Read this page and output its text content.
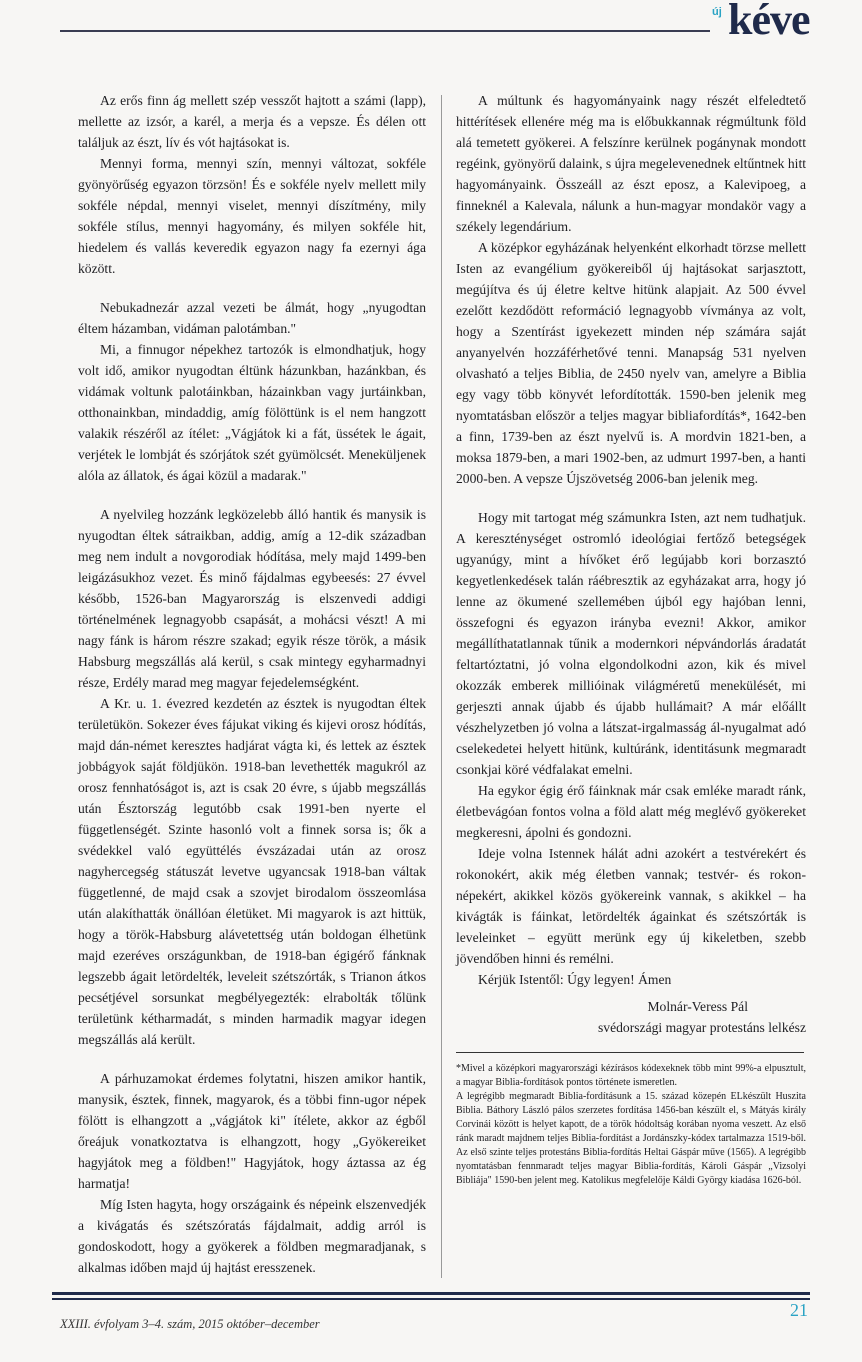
új kéve

Az erős finn ág mellett szép vesszőt hajtott a számi (lapp), mellette az izsór, a karél, a merja és a vepsze. És délen ott találjuk az észt, lív és vót hajtásokat is.

Mennyi forma, mennyi szín, mennyi változat, sokféle gyönyörűség egyazon törzsön! És e sokféle nyelv mellett mily sokféle népdal, mennyi viselet, mennyi díszítmény, mily sokféle stílus, mennyi hagyomány, és milyen sokféle hit, hiedelem és vallás keveredik egyazon nagy fa ezernyi ága között.

Nebukadnezár azzal vezeti be álmát, hogy „nyugodtan éltem házamban, vidáman palotámban."

Mi, a finnugor népekhez tartozók is elmondhatjuk, hogy volt idő, amikor nyugodtan éltünk házunkban, hazánkban, és vidámak voltunk palotáinkban, házainkban vagy jurtáinkban, otthonainkban, mindaddig, amíg fölöttünk is el nem hangzott valakik részéről az ítélet: „Vágjátok ki a fát, üssétek le ágait, verjétek le lombját és szórjátok szét gyümölcsét. Meneküljenek alóla az állatok, és ágai közül a madarak."

A nyelvileg hozzánk legközelebb álló hantik és manysik is nyugodtan éltek sátraikban, addig, amíg a 12-dik században meg nem indult a novgorodiak hódítása, mely majd 1499-ben leigázásukhoz vezet. És minő fájdalmas egybeesés: 27 évvel később, 1526-ban Magyarország is elszenvedi addigi történelmének legnagyobb csapását, a mohácsi vészt! A mi nagy fánk is három részre szakad; egyik része török, a másik Habsburg megszállás alá kerül, s csak mintegy egyharmadnyi része, Erdély marad meg magyar fejedelemségként.

A Kr. u. 1. évezred kezdetén az észtek is nyugodtan éltek területükön. Sokezer éves fájukat viking és kijevi orosz hódítás, majd dán-német keresztes hadjárat vágta ki, és lettek az észtek jobbágyok saját földjükön. 1918-ban levethették magukról az orosz fennhatóságot is, azt is csak 20 évre, s újabb megszállás után Észtország legutóbb csak 1991-ben nyerte el függetlenségét. Szinte hasonló volt a finnek sorsa is; ők a svédekkel való együttélés évszázadai után az orosz nagyhercegség státuszát levetve ugyancsak 1918-ban váltak függetlenné, de majd csak a szovjet birodalom összeomlása után alakíthatták önállóan életüket. Mi magyarok is azt hittük, hogy a török-Habsburg alávetettség után boldogan élhetünk majd ezeréves országunkban, de 1918-ban égigérő fánknak legszebb ágait letördelték, leveleit szétszórták, s Trianon átkos pecsétjével sorsunkat megbélyegezték: elrabolták tőlünk területünk kétharmadát, s minden harmadik magyar idegen megszállás alá került.

A párhuzamokat érdemes folytatni, hiszen amikor hantik, manysik, észtek, finnek, magyarok, és a többi finn-ugor népek fölött is elhangzott a „vágjátok ki" ítélete, akkor az égből őreájuk vonatkoztatva is elhangzott, hogy „Gyökereiket hagyjátok meg a földben!" Hagyjátok, hogy áztassa az ég harmatja!

Míg Isten hagyta, hogy országaink és népeink elszenvedjék a kivágatás és szétszóratás fájdalmait, addig arról is gondoskodott, hogy a gyökerek a földben megmaradjanak, s alkalmas időben majd új hajtást eresszenek.

A múltunk és hagyományaink nagy részét elfeledtető hittérítések ellenére még ma is előbukkannak régmúltunk föld alá temetett gyökerei. A felszínre kerülnek pogánynak mondott regéink, gyönyörű dalaink, s újra megelevenednek eltűntnek hitt hagyományaink. Összeáll az észt eposz, a Kalevipoeg, a finneknél a Kalevala, nálunk a hun-magyar mondakör vagy a székely legendárium.

A középkor egyházának helyenként elkorhadt törzse mellett Isten az evangélium gyökereiből új hajtásokat sarjasztott, megújítva és új életre keltve hitünk alapjait. Az 500 évvel ezelőtt kezdődött reformáció legnagyobb vívmánya az volt, hogy a Szentírást igyekezett minden nép számára saját anyanyelvén hozzáférhetővé tenni. Manapság 531 nyelven olvasható a teljes Biblia, de 2450 nyelv van, amelyre a Biblia egy vagy több könyvét lefordították. 1590-ben jelenik meg nyomtatásban először a teljes magyar bibliafordítás*, 1642-ben a finn, 1739-ben az észt nyelvű is. A mordvin 1821-ben, a moksa 1879-ben, a mari 1902-ben, az udmurt 1997-ben, a hanti 2000-ben. A vepsze Újszövetség 2006-ban jelenik meg.

Hogy mit tartogat még számunkra Isten, azt nem tudhatjuk. A kereszténységet ostromló ideológiai fertőző betegségek ugyanúgy, mint a hívőket érő legújabb kori borzasztó kegyetlenkedések talán ráébresztik az egyházakat arra, hogy jó lenne az ökumené szellemében újból egy hajóban lenni, összefogni és egyazon irányba evezni! Akkor, amikor megállíthatatlannak tűnik a modernkori népvándorlás áradatát feltartóztatni, jó volna elgondolkodni azon, kik és mivel okozzák emberek millióinak világméretű menekülését, mi gerjeszti annak újabb és újabb hullámait? A már előállt vészhelyzetben jó volna a látszat-irgalmasság ál-nyugalmat adó cselekedetei helyett hitünk, kultúránk, identitásunk megmaradt csonkjai köré védfalakat emelni.

Ha egykor égig érő fáinknak már csak emléke maradt ránk, életbevágóan fontos volna a föld alatt még meglévő gyökereket megkeresni, ápolni és gondozni.

Ideje volna Istennek hálát adni azokért a testvérekért és rokonokért, akik még életben vannak; testvér- és rokon-népekért, akikkel közös gyökereink vannak, s akikkel – ha kivágták is fáinkat, letördelték ágainkat és szétszórták is leveleinket – együtt merünk egy új kikeletben, szebb jövendőben hinni és remélni.

Kérjük Istentől: Úgy legyen! Ámen

Molnár-Veress Pál

svédországi magyar protestáns lelkész

*Mivel a középkori magyarországi kézírásos kódexeknek több mint 99%-a elpusztult, a magyar Biblia-fordítások pontos története ismeretlen.

A legrégibb megmaradt Biblia-fordításunk a 15. század közepén ELkészült Huszita Biblia. Báthory László pálos szerzetes fordítása 1456-ban készült el, s Mátyás király Corvinái között is helyet kapott, de a török hódoltság korában nyoma veszett. Az első ránk maradt majdnem teljes Biblia-fordítást a Jordánszky-kódex tartalmazza 1519-ből. Az első szinte teljes protestáns Biblia-fordítás Heltai Gáspár műve (1565). A legrégibb nyomtatásban fennmaradt teljes magyar Biblia-fordítás, Károli Gáspár „Vizsolyi Bibliája" 1590-ben jelent meg. Katolikus megfelelője Káldi György kiadása 1626-ból.

XXIII. évfolyam 3–4. szám, 2015 október–december
21
